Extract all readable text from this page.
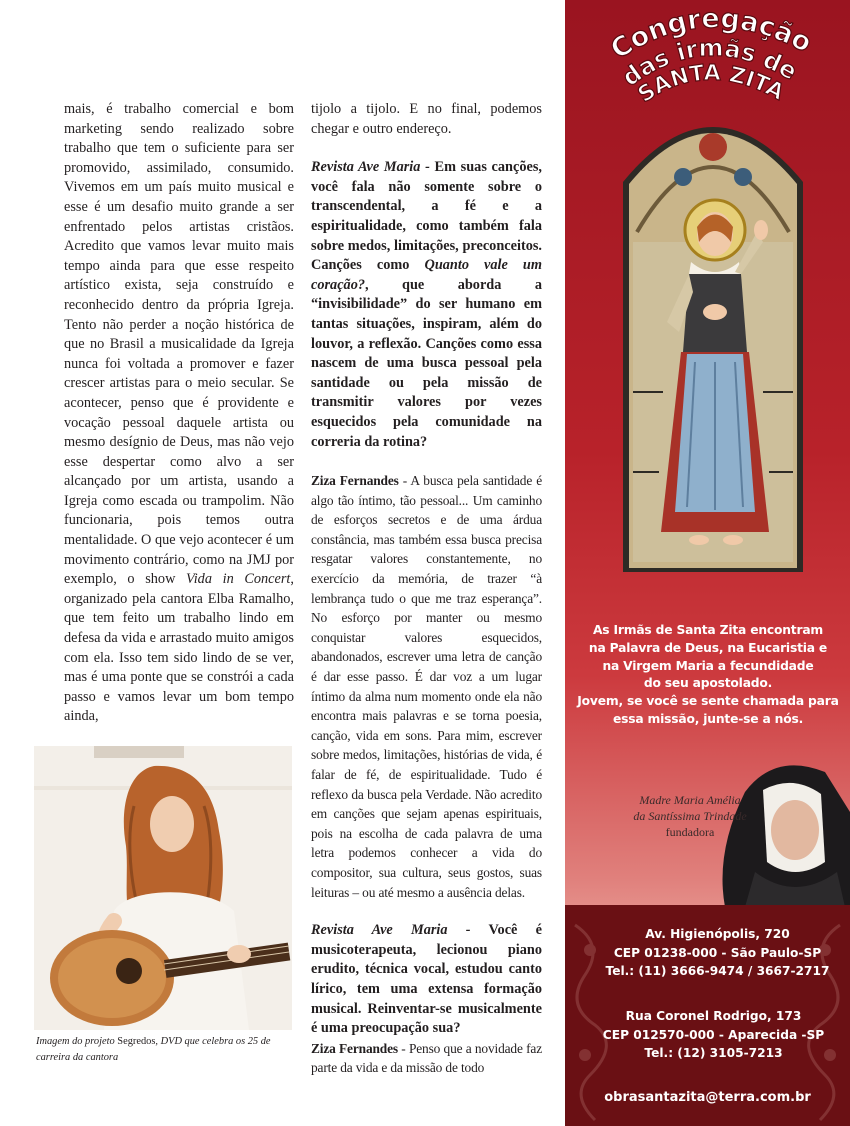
mais, é trabalho comercial e bom marketing sendo realizado sobre trabalho que tem o suficiente para ser promovido, assimilado, consumido. Vivemos em um país muito musical e esse é um desafio muito grande a ser enfrentado pelos artistas cristãos. Acredito que vamos levar muito mais tempo ainda para que esse respeito artístico exista, seja construído e reconhecido dentro da própria Igreja. Tento não perder a noção histórica de que no Brasil a musicalidade da Igreja nunca foi voltada a promover e fazer crescer artistas para o meio secular. Se acontecer, penso que é providente e vocação pessoal daquele artista ou mesmo desígnio de Deus, mas não vejo esse despertar como alvo a ser alcançado por um artista, usando a Igreja como escada ou trampolim. Não funcionaria, pois temos outra mentalidade. O que vejo acontecer é um movimento contrário, como na JMJ por exemplo, o show Vida in Concert, organizado pela cantora Elba Ramalho, que tem feito um trabalho lindo em defesa da vida e arrastado muito amigos com ela. Isso tem sido lindo de se ver, mas é uma ponte que se constrói a cada passo e vamos levar um bom tempo ainda,

tijolo a tijolo. E no final, podemos chegar e outro endereço.

Revista Ave Maria - Em suas canções, você fala não somente sobre o transcendental, a fé e a espiritualidade, como também fala sobre medos, limitações, preconceitos. Canções como Quanto vale um coração?, que aborda a “invisibilidade” do ser humano em tantas situações, inspiram, além do louvor, a reflexão. Canções como essa nascem de uma busca pessoal pela santidade ou pela missão de transmitir valores por vezes esquecidos pela comunidade na correria da rotina?

Ziza Fernandes - A busca pela santidade é algo tão íntimo, tão pessoal... Um caminho de esforços secretos e de uma árdua constância, mas também essa busca precisa resgatar valores constantemente, no exercício da memória, de trazer “à lembrança tudo o que me traz esperança”. No esforço por manter ou mesmo conquistar valores esquecidos, abandonados, escrever uma letra de canção é dar esse passo. É dar voz a um lugar íntimo da alma num momento onde ela não encontra mais palavras e se torna poesia, canção, vida em sons. Para mim, escrever sobre medos, limitações, histórias de vida, é falar de fé, de espiritualidade. Tudo é reflexo da busca pela Verdade. Não acredito em canções que sejam apenas espirituais, pois na escolha de cada palavra de uma letra podemos conhecer a vida do compositor, sua cultura, seus gostos, suas leituras – ou até mesmo a ausência delas.

Revista Ave Maria - Você é musicoterapeuta, lecionou piano erudito, técnica vocal, estudou canto lírico, tem uma extensa formação musical. Reinventar-se musicalmente é uma preocupação sua?

Ziza Fernandes - Penso que a novidade faz parte da vida e da missão de todo

Imagem do projeto Segredos, DVD que celebra os 25 de carreira da cantora
Congregação
das irmãs de
SANTA ZITA
As Irmãs de Santa Zita encontram
na Palavra de Deus, na Eucaristia e
na Virgem Maria a fecundidade
do seu apostolado.
Jovem, se você se sente chamada para
essa missão, junte-se a nós.
Madre Maria Amélia
da Santíssima Trindade
fundadora
Av. Higienópolis, 720
CEP 01238-000 - São Paulo-SP
Tel.: (11) 3666-9474 / 3667-2717
Rua Coronel Rodrigo, 173
CEP 012570-000 - Aparecida -SP
Tel.: (12) 3105-7213
obrasantazita@terra.com.br
